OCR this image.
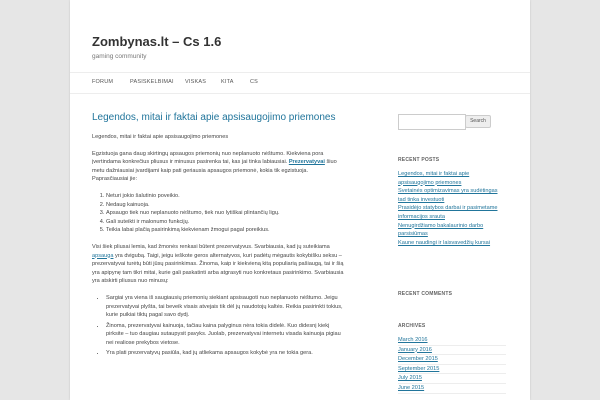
Zombynas.lt – Cs 1.6

gaming community

FORUM	PASISKELBIMAI VISKAS	KITA	CS
Legendos, mitai ir faktai apie apsisaugojimo priemones

Legendos, mitai ir faktai apie apsisaugojimo priemones

Egzistuoja gana daug skirtingų apsaugos priemonių nuo neplanuoto nėštumo. Kiekviena pora įvertindama konkrečius pliusus ir minusus pasirenka tai, kas jai tinka labiausiai. Prezervatyvai šiuo metu dažniausiai įvardijami kaip pati geriausia apsaugos priemonė, kokia tik egzistuoja. Paprasčiausiai jie:

1. Neturi jokio šalutinio poveikio.
2. Nedaug kainuoja.
3. Apsaugo tiek nuo neplanuoto nėštumo, tiek nuo lytiškai plintančių ligų.
4. Gali suteikti ir malonumo funkcijų.
5. Teikia labai plačią pasirinkimą kiekvienam žmogui pagal poreikius.

Visi šiek pliusai lemia, kad žmonės renkasi būtent prezervatyvus. Svarbiausia, kad jų suteikiama apsauga yra dvigubą. Taigi, jeigu ieškote geros alternatyvos, kuri padėtų mėgautis kokybišku seksu – prezervatyvai turėtų būti jūsų pasirinkimas. Žinoma, kaip ir kiekvieną kitą populiarią pašiaugą, tai ir šią yra apipynę tam tikri mitai, kurie gali paskatinti arba atgrasyti nuo konkretaus pasirinkimo. Svarbiausia yra atskirti pliusus nuo minusų:

• Sargiai yra viena iš saugiausių priemonių siekiant apsisaugoti nuo neplanuoto nėštumo. Jeigu prezervatyvai plyšta, tai beveik visais atvejais tik dėl jų naudotojų kaltės. Reikia pasirinkti tokius, kurie puikiai tiktų pagal savo dydį.
• Žinoma, prezervatyvai kainuoja, tačiau kaina palyginus nėra tokia didelė. Kuo didesnį kiekį pirksite – tuo daugiau sutaupysit pavyks. Juolab, prezervatyvai internetu visada kainuoja pigiau nei realiose prekybos vietose.
• Yra plati prezervatyvų pasiūla, kad jų atliekama apsaugos kokybė yra ne tokia gera.
Search
RECENT POSTS
Legendos, mitai ir faktai apie apsisaugojimo priemones
Svetainės optimizavimas yra sudėtingas
tad tinka investuoti
Prasidėjo statybos darbai ir pasimetame
informacijos srauta
Nenugirdžiamo bakalaurinio darbo parsisiūmas
Kaune naudingi ir laisvavedžių kursai
RECENT COMMENTS
ARCHIVES
March 2016
January 2016
December 2015
September 2015
July 2015
June 2015
